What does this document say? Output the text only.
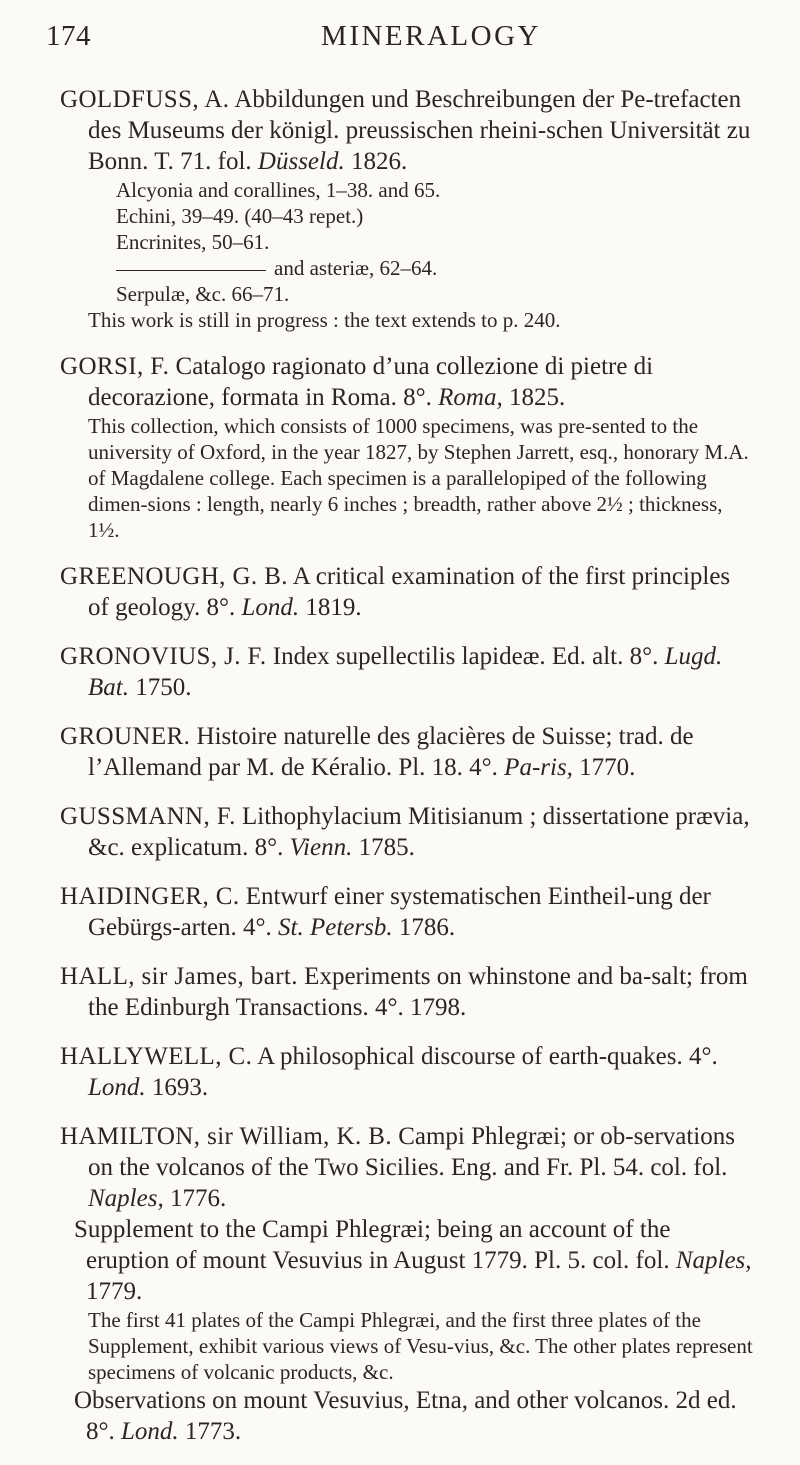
174	MINERALOGY

GOLDFUSS, A. Abbildungen und Beschreibungen der Pe-trefacten des Museums der königl. preussischen rheini-schen Universität zu Bonn. T. 71. fol. Düsseld. 1826.

Alcyonia and corallines, 1–38. and 65.

Echini, 39–49. (40–43 repet.)

Encrinites, 50–61.

and asteriæ, 62–64.

Serpulæ, &c. 66–71.

This work is still in progress : the text extends to p. 240.

GORSI, F. Catalogo ragionato d’una collezione di pietre di decorazione, formata in Roma. 8°. Roma, 1825.

This collection, which consists of 1000 specimens, was pre-sented to the university of Oxford, in the year 1827, by Stephen Jarrett, esq., honorary M.A. of Magdalene college. Each specimen is a parallelopiped of the following dimen-sions : length, nearly 6 inches ; breadth, rather above 2½ ; thickness, 1½.

GREENOUGH, G. B. A critical examination of the first principles of geology. 8°. Lond. 1819.

GRONOVIUS, J. F. Index supellectilis lapideæ. Ed. alt. 8°. Lugd. Bat. 1750.

GROUNER. Histoire naturelle des glacières de Suisse; trad. de l’Allemand par M. de Kéralio. Pl. 18. 4°. Pa-ris, 1770.

GUSSMANN, F. Lithophylacium Mitisianum ; dissertatione prævia, &c. explicatum. 8°. Vienn. 1785.

HAIDINGER, C. Entwurf einer systematischen Eintheil-ung der Gebürgs-arten. 4°. St. Petersb. 1786.

HALL, sir James, bart. Experiments on whinstone and ba-salt; from the Edinburgh Transactions. 4°. 1798.

HALLYWELL, C. A philosophical discourse of earth-quakes. 4°. Lond. 1693.

HAMILTON, sir William, K. B. Campi Phlegræi; or ob-servations on the volcanos of the Two Sicilies. Eng. and Fr. Pl. 54. col. fol. Naples, 1776.

Supplement to the Campi Phlegræi; being an account of the eruption of mount Vesuvius in August 1779. Pl. 5. col. fol. Naples, 1779.

The first 41 plates of the Campi Phlegræi, and the first three plates of the Supplement, exhibit various views of Vesu-vius, &c. The other plates represent specimens of volcanic products, &c.

Observations on mount Vesuvius, Etna, and other volcanos. 2d ed. 8°. Lond. 1773.
